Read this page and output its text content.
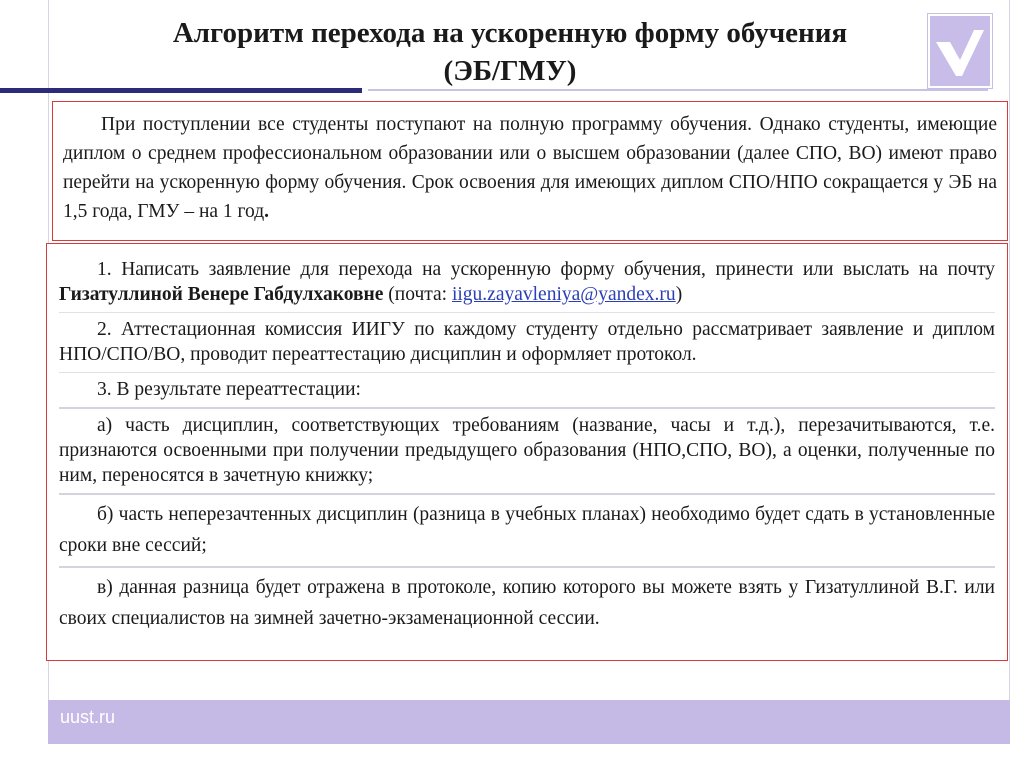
Алгоритм перехода на ускоренную форму обучения
(ЭБ/ГМУ)

При поступлении все студенты поступают на полную программу обучения. Однако студенты, имеющие диплом о среднем профессиональном образовании или о высшем образовании (далее СПО, ВО) имеют право перейти на ускоренную форму обучения. Срок освоения для имеющих диплом СПО/НПО сокращается у ЭБ на 1,5 года, ГМУ – на 1 год.

1. Написать заявление для перехода на ускоренную форму обучения, принести или выслать на почту Гизатуллиной Венере Габдулхаковне (почта: iigu.zayavleniya@yandex.ru)

2. Аттестационная комиссия ИИГУ по каждому студенту отдельно рассматривает заявление и диплом НПО/СПО/ВО, проводит переаттестацию дисциплин и оформляет протокол.

3. В результате переаттестации:

а) часть дисциплин, соответствующих требованиям (название, часы и т.д.), перезачитываются, т.е. признаются освоенными при получении предыдущего образования (НПО,СПО, ВО), а оценки, полученные по ним, переносятся в зачетную книжку;

б) часть неперезачтенных дисциплин (разница в учебных планах) необходимо будет сдать в установленные сроки вне сессий;

в) данная разница будет отражена в протоколе, копию которого вы можете взять у Гизатуллиной В.Г. или своих специалистов на зимней зачетно-экзаменационной сессии.

uust.ru
